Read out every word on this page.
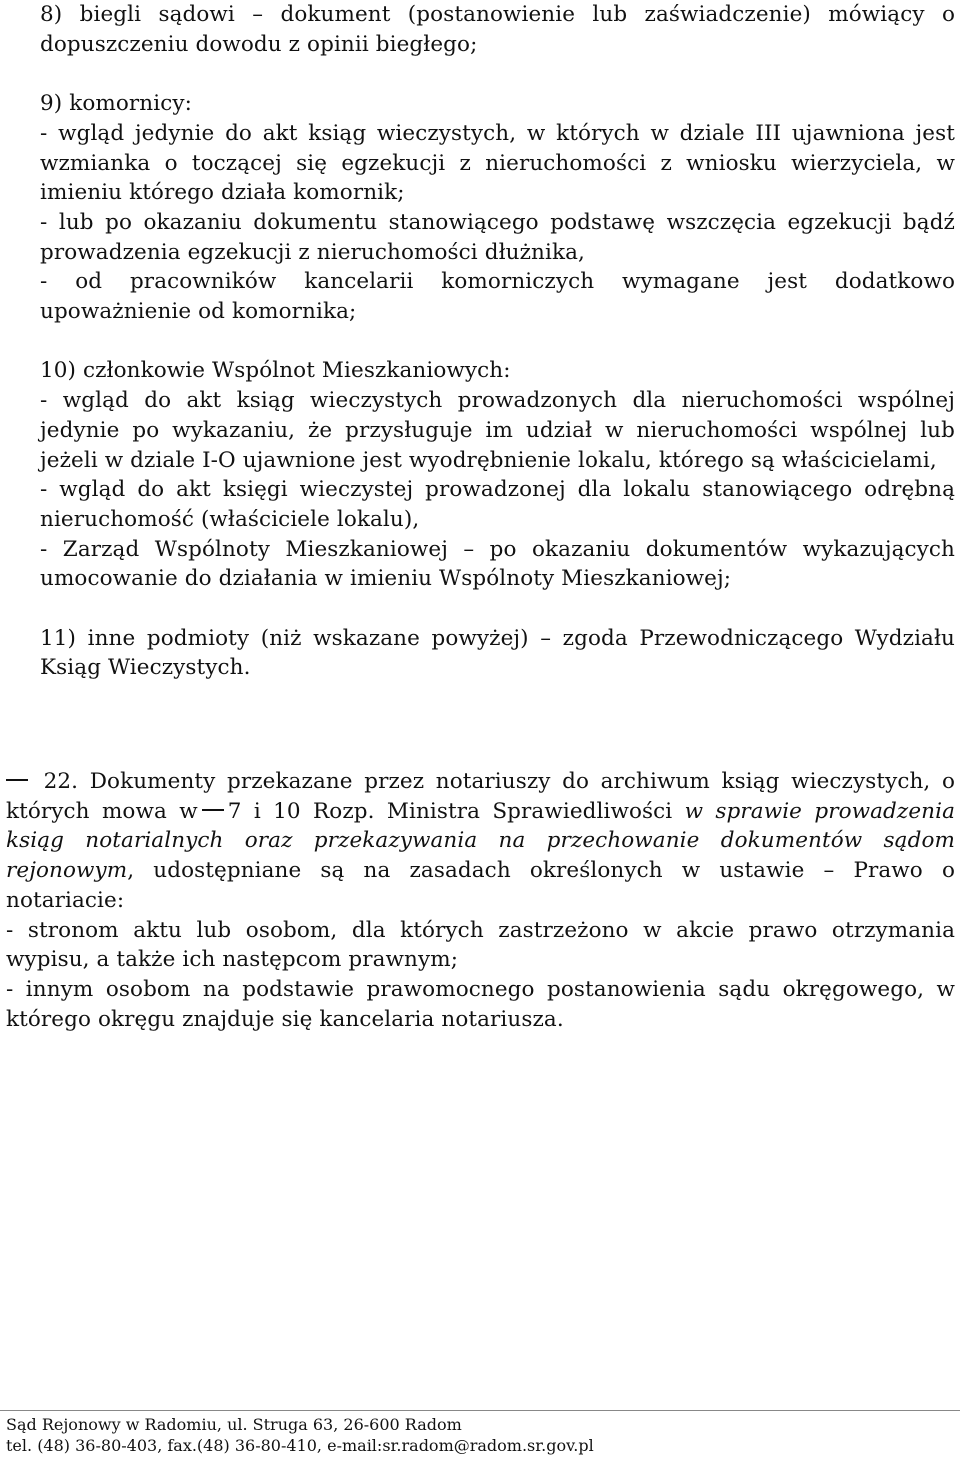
8) biegli sądowi – dokument (postanowienie lub zaświadczenie) mówiący o

dopuszczeniu dowodu z opinii biegłego;

9) komornicy:

- wgląd jedynie do akt ksiąg wieczystych, w których w dziale III ujawniona jest wzmianka o toczącej się egzekucji z nieruchomości z wniosku wierzyciela, w imieniu którego działa komornik;

- lub po okazaniu dokumentu stanowiącego podstawę wszczęcia egzekucji bądź prowadzenia egzekucji z nieruchomości dłużnika,

- od pracowników kancelarii komorniczych wymagane jest dodatkowo upoważnienie od komornika;

10) członkowie Wspólnot Mieszkaniowych:

- wgląd do akt ksiąg wieczystych prowadzonych dla nieruchomości wspólnej jedynie po wykazaniu, że przysługuje im udział w nieruchomości wspólnej lub jeżeli w dziale I-O ujawnione jest wyodrębnienie lokalu, którego są właścicielami,

- wgląd do akt księgi wieczystej prowadzonej dla lokalu stanowiącego odrębną nieruchomość (właściciele lokalu),

- Zarząd Wspólnoty Mieszkaniowej – po okazaniu dokumentów wykazujących umocowanie do działania w imieniu Wspólnoty Mieszkaniowej;

11) inne podmioty (niż wskazane powyżej) – zgoda Przewodniczącego Wydziału Ksiąg Wieczystych.

22. Dokumenty przekazane przez notariuszy do archiwum ksiąg wieczystych, o których mowa w 7 i 10 Rozp. Ministra Sprawiedliwości w sprawie prowadzenia ksiąg notarialnych oraz przekazywania na przechowanie dokumentów sądom rejonowym, udostępniane są na zasadach określonych w ustawie – Prawo o notariacie:

- stronom aktu lub osobom, dla których zastrzeżono w akcie prawo otrzymania wypisu, a także ich następcom prawnym;

- innym osobom na podstawie prawomocnego postanowienia sądu okręgowego, w którego okręgu znajduje się kancelaria notariusza.

Sąd Rejonowy w Radomiu, ul. Struga 63, 26-600 Radom
tel. (48) 36-80-403, fax.(48) 36-80-410, e-mail:sr.radom@radom.sr.gov.pl
